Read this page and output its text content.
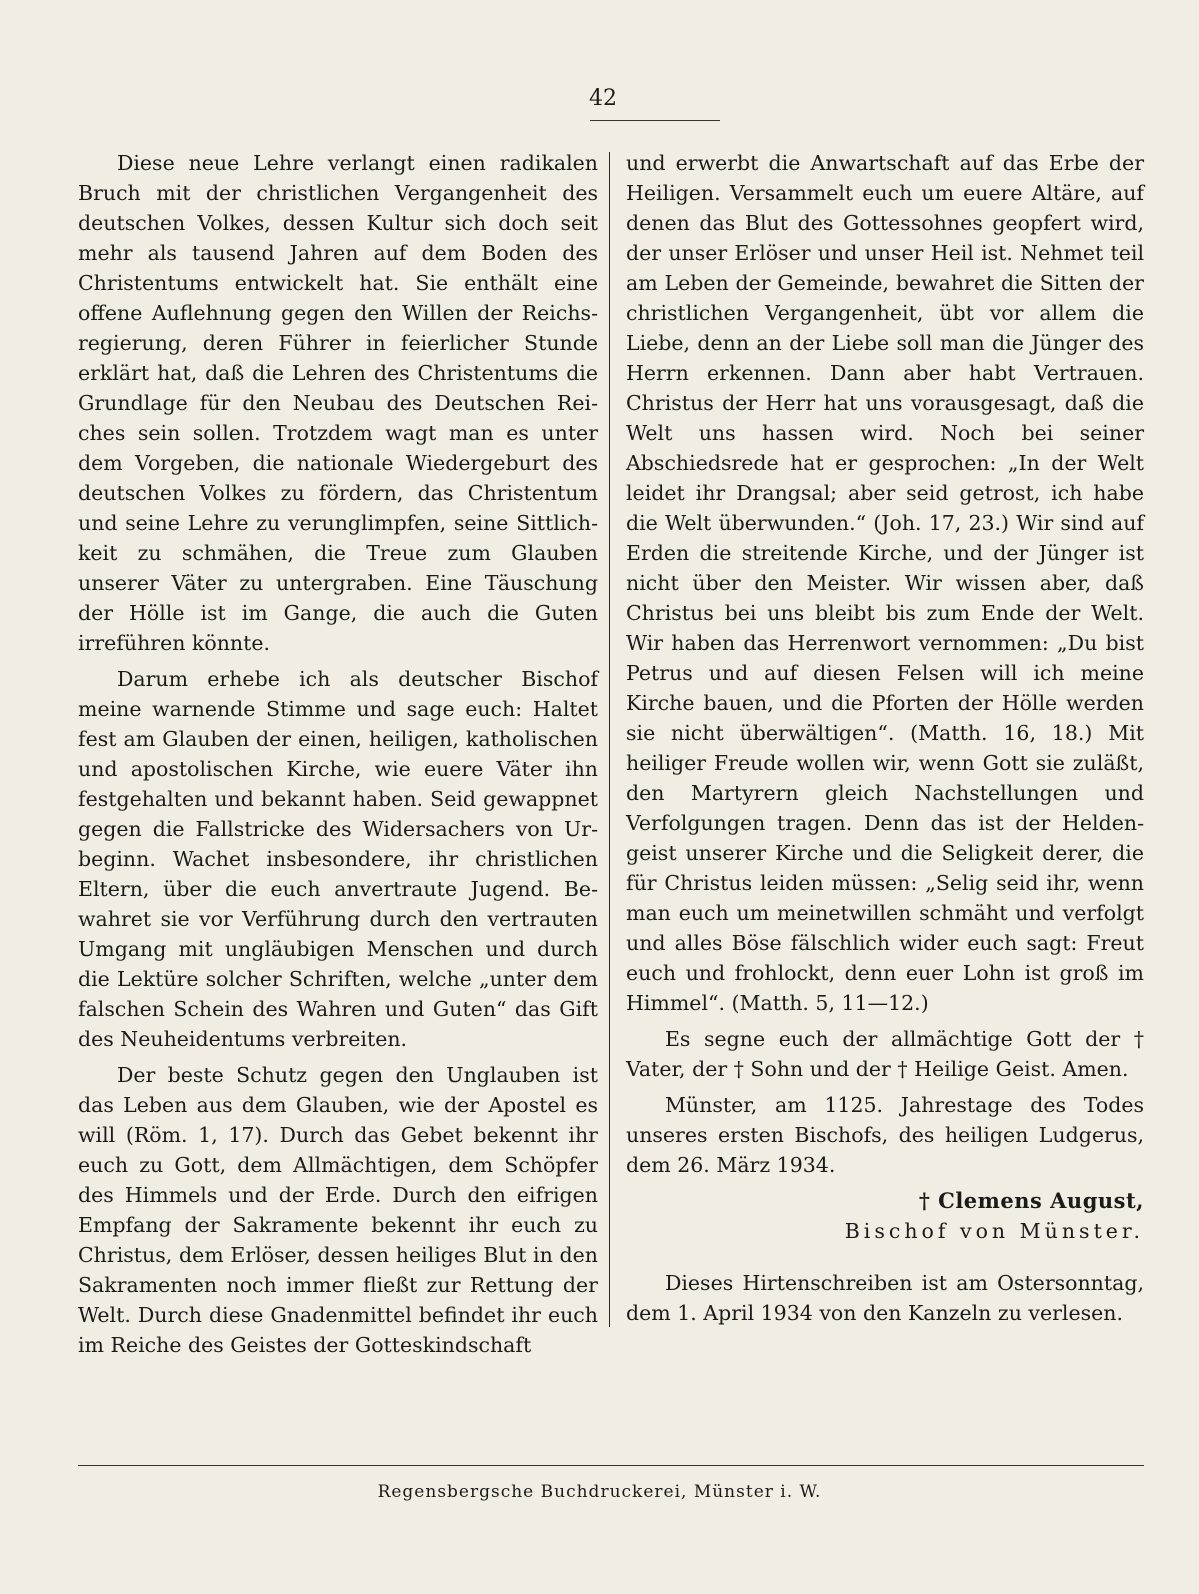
42

Diese neue Lehre verlangt einen radikalen Bruch mit der christlichen Vergangenheit des deutschen Volkes, dessen Kultur sich doch seit mehr als tausend Jahren auf dem Boden des Christentums entwickelt hat. Sie enthält eine offene Auflehnung gegen den Willen der Reichsregierung, deren Führer in feierlicher Stunde erklärt hat, daß die Lehren des Christentums die Grundlage für den Neubau des Deutschen Reiches sein sollen. Trotzdem wagt man es unter dem Vorgeben, die nationale Wiedergeburt des deutschen Volkes zu fördern, das Christentum und seine Lehre zu verunglimpfen, seine Sittlichkeit zu schmähen, die Treue zum Glauben unserer Väter zu untergraben. Eine Täuschung der Hölle ist im Gange, die auch die Guten irreführen könnte.

Darum erhebe ich als deutscher Bischof meine warnende Stimme und sage euch: Haltet fest am Glauben der einen, heiligen, katholischen und apostolischen Kirche, wie euere Väter ihn festgehalten und bekannt haben. Seid gewappnet gegen die Fallstricke des Widersachers von Urbeginn. Wachet insbesondere, ihr christlichen Eltern, über die euch anvertraute Jugend. Bewahret sie vor Verführung durch den vertrauten Umgang mit ungläubigen Menschen und durch die Lektüre solcher Schriften, welche „unter dem falschen Schein des Wahren und Guten“ das Gift des Neuheidentums verbreiten.

Der beste Schutz gegen den Unglauben ist das Leben aus dem Glauben, wie der Apostel es will (Röm. 1, 17). Durch das Gebet bekennt ihr euch zu Gott, dem Allmächtigen, dem Schöpfer des Himmels und der Erde. Durch den eifrigen Empfang der Sakramente bekennt ihr euch zu Christus, dem Erlöser, dessen heiliges Blut in den Sakramenten noch immer fließt zur Rettung der Welt. Durch diese Gnadenmittel befindet ihr euch im Reiche des Geistes der Gotteskindschaft

und erwerbt die Anwartschaft auf das Erbe der Heiligen. Versammelt euch um euere Altäre, auf denen das Blut des Gottessohnes geopfert wird, der unser Erlöser und unser Heil ist. Nehmet teil am Leben der Gemeinde, bewahret die Sitten der christlichen Vergangenheit, übt vor allem die Liebe, denn an der Liebe soll man die Jünger des Herrn erkennen. Dann aber habt Vertrauen. Christus der Herr hat uns vorausgesagt, daß die Welt uns hassen wird. Noch bei seiner Abschiedsrede hat er gesprochen: „In der Welt leidet ihr Drangsal; aber seid getrost, ich habe die Welt überwunden.“ (Joh. 17, 23.) Wir sind auf Erden die streitende Kirche, und der Jünger ist nicht über den Meister. Wir wissen aber, daß Christus bei uns bleibt bis zum Ende der Welt. Wir haben das Herrenwort vernommen: „Du bist Petrus und auf diesen Felsen will ich meine Kirche bauen, und die Pforten der Hölle werden sie nicht überwältigen“. (Matth. 16, 18.) Mit heiliger Freude wollen wir, wenn Gott sie zuläßt, den Martyrern gleich Nachstellungen und Verfolgungen tragen. Denn das ist der Heldengeist unserer Kirche und die Seligkeit derer, die für Christus leiden müssen: „Selig seid ihr, wenn man euch um meinetwillen schmäht und verfolgt und alles Böse fälschlich wider euch sagt: Freut euch und frohlockt, denn euer Lohn ist groß im Himmel“. (Matth. 5, 11—12.)

Es segne euch der allmächtige Gott der † Vater, der † Sohn und der † Heilige Geist. Amen.

Münster, am 1125. Jahrestage des Todes unseres ersten Bischofs, des heiligen Ludgerus, dem 26. März 1934.

† Clemens August,
Bischof von Münster.

Dieses Hirtenschreiben ist am Ostersonntag, dem 1. April 1934 von den Kanzeln zu verlesen.

Regensbergsche Buchdruckerei, Münster i. W.
